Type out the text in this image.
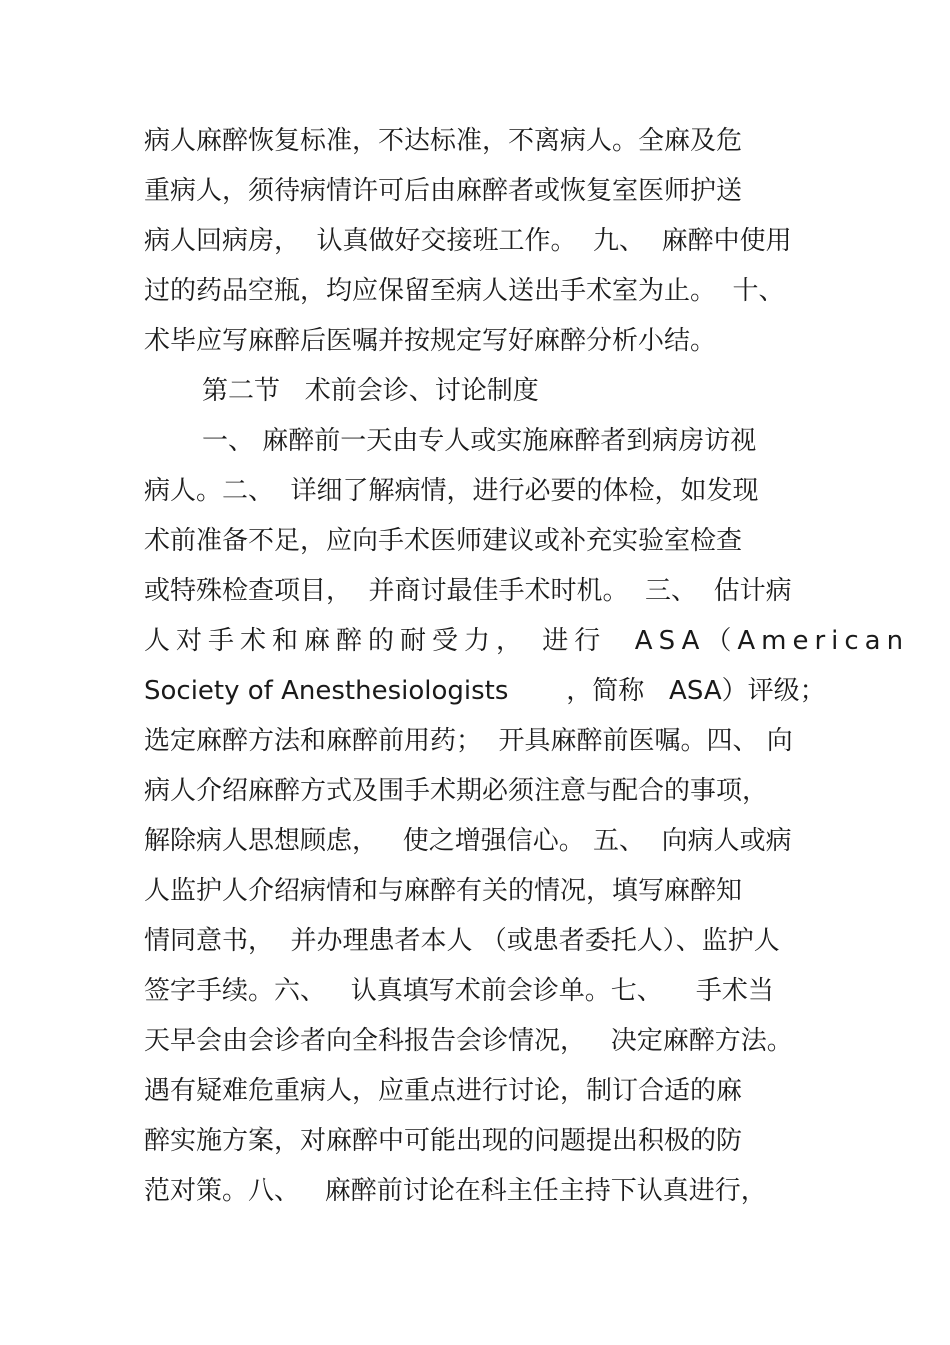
病人麻醉恢复标准，不达标准，不离病人。全麻及危
重病人，须待病情许可后由麻醉者或恢复室医师护送
病人回病房，  认真做好交接班工作。  九、  麻醉中使用
过的药品空瓶，均应保留至病人送出手术室为止。  十、
术毕应写麻醉后医嘱并按规定写好麻醉分析小结。
第二节   术前会诊、讨论制度
一、 麻醉前一天由专人或实施麻醉者到病房访视
病人。二、  详细了解病情，进行必要的体检，如发现
术前准备不足，应向手术医师建议或补充实验室检查
或特殊检查项目，  并商讨最佳手术时机。  三、  估计病
人对手术和麻醉的耐受力， 进行  ASA（American
Society of Anesthesiologists       ，简称   ASA）评级；
选定麻醉方法和麻醉前用药；  开具麻醉前医嘱。四、 向
病人介绍麻醉方式及围手术期必须注意与配合的事项，
解除病人思想顾虑，   使之增强信心。 五、  向病人或病
人监护人介绍病情和与麻醉有关的情况，填写麻醉知
情同意书，  并办理患者本人 （或患者委托人）、监护人
签字手续。六、   认真填写术前会诊单。七、    手术当
天早会由会诊者向全科报告会诊情况，   决定麻醉方法。
遇有疑难危重病人，应重点进行讨论，制订合适的麻
醉实施方案，对麻醉中可能出现的问题提出积极的防
范对策。八、   麻醉前讨论在科主任主持下认真进行，
